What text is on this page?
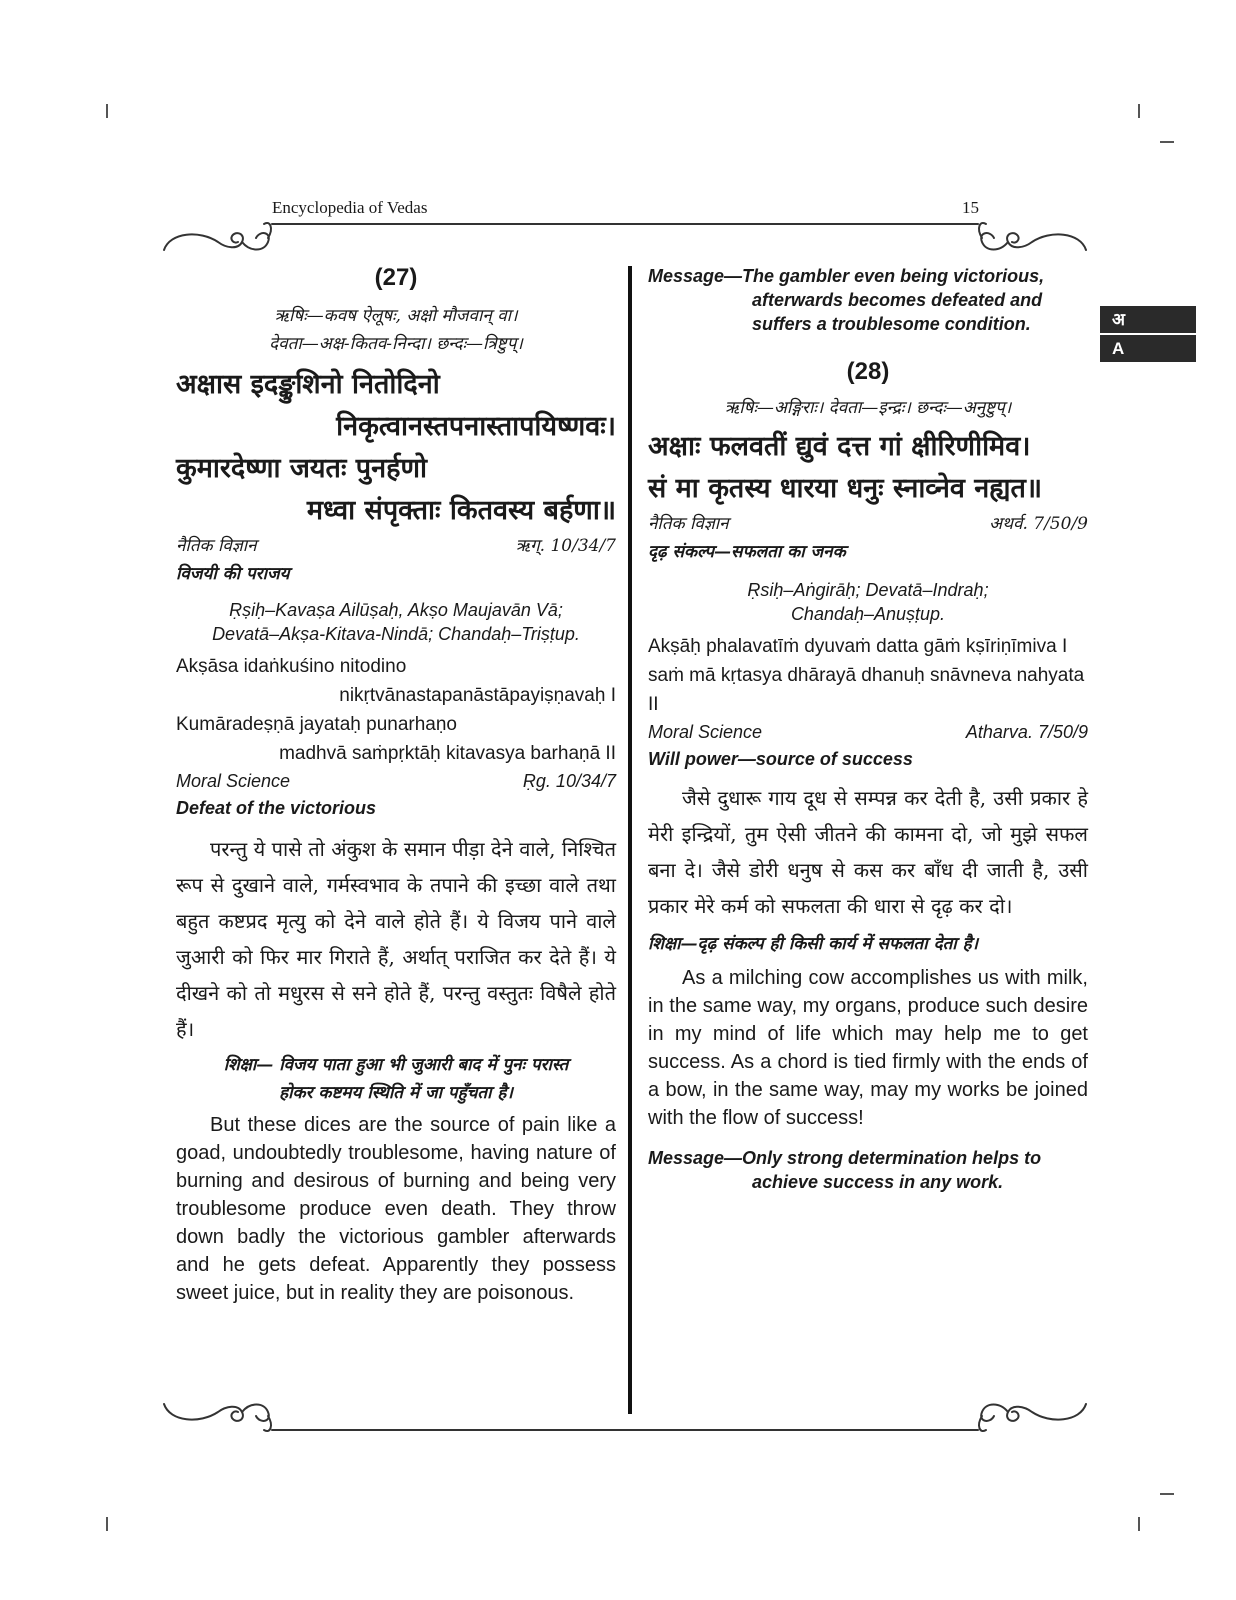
Encyclopedia of Vedas	15
अ
A
(27)
ऋषिः—कवष ऐलूषः, अक्षो मौजवान् वा।
देवता—अक्ष-कितव-निन्दा। छन्दः—त्रिष्टुप्।
अक्षास इदङ्कुशिनो नितोदिनो
निकृत्वानस्तपनास्तापयिष्णवः।
कुमारदेष्णा जयतः पुनर्हणो
मध्वा संपृक्ताः कितवस्य बर्हणा॥
नैतिक विज्ञान	ऋग्. 10/34/7
विजयी की पराजय
Ṛṣiḥ–Kavaṣa Ailūṣaḥ, Akṣo Maujavān Vā;
Devatā–Akṣa-Kitava-Nindā; Chandaḥ–Triṣṭup.
Akṣāsa idaṅkuśino nitodino
nikṛtvānastapanāstāpayiṣṇavaḥ I
Kumāradeṣṇā jayataḥ punarhaṇo
madhvā saṁpṛktāḥ kitavasya barhaṇā II
Moral Science	Ṛg. 10/34/7
Defeat of the victorious
परन्तु ये पासे तो अंकुश के समान पीड़ा देने वाले, निश्चित रूप से दुखाने वाले, गर्मस्वभाव के तपाने की इच्छा वाले तथा बहुत कष्टप्रद मृत्यु को देने वाले होते हैं। ये विजय पाने वाले जुआरी को फिर मार गिराते हैं, अर्थात् पराजित कर देते हैं। ये दीखने को तो मधुरस से सने होते हैं, परन्तु वस्तुतः विषैले होते हैं।
शिक्षा— विजय पाता हुआ भी जुआरी बाद में पुनः परास्त
होकर कष्टमय स्थिति में जा पहुँचता है।
But these dices are the source of pain like a goad, undoubtedly troublesome, having nature of burning and desirous of burning and being very troublesome produce even death. They throw down badly the victorious gambler afterwards and he gets defeat. Apparently they possess sweet juice, but in reality they are poisonous.
Message—The gambler even being victorious,
afterwards becomes defeated and
suffers a troublesome condition.
(28)
ऋषिः—अङ्गिराः। देवता—इन्द्रः। छन्दः—अनुष्टुप्।
अक्षाः फलवतीं द्युवं दत्त गां क्षीरिणीमिव।
सं मा कृतस्य धारया धनुः स्नाव्नेव नह्यत॥
नैतिक विज्ञान	अथर्व. 7/50/9
दृढ़ संकल्प—सफलता का जनक
Ṛsiḥ–Aṅgirāḥ; Devatā–Indraḥ;
Chandaḥ–Anuṣṭup.
Akṣāḥ phalavatīṁ dyuvaṁ datta gāṁ kṣīriṇīmiva I
saṁ mā kṛtasya dhārayā dhanuḥ snāvneva nahyata II
Moral Science	Atharva. 7/50/9
Will power—source of success
जैसे दुधारू गाय दूध से सम्पन्न कर देती है, उसी प्रकार हे मेरी इन्द्रियों, तुम ऐसी जीतने की कामना दो, जो मुझे सफल बना दे। जैसे डोरी धनुष से कस कर बाँध दी जाती है, उसी प्रकार मेरे कर्म को सफलता की धारा से दृढ़ कर दो।
शिक्षा—दृढ़ संकल्प ही किसी कार्य में सफलता देता है।
As a milching cow accomplishes us with milk, in the same way, my organs, produce such desire in my mind of life which may help me to get success. As a chord is tied firmly with the ends of a bow, in the same way, may my works be joined with the flow of success!
Message—Only strong determination helps to
achieve success in any work.
